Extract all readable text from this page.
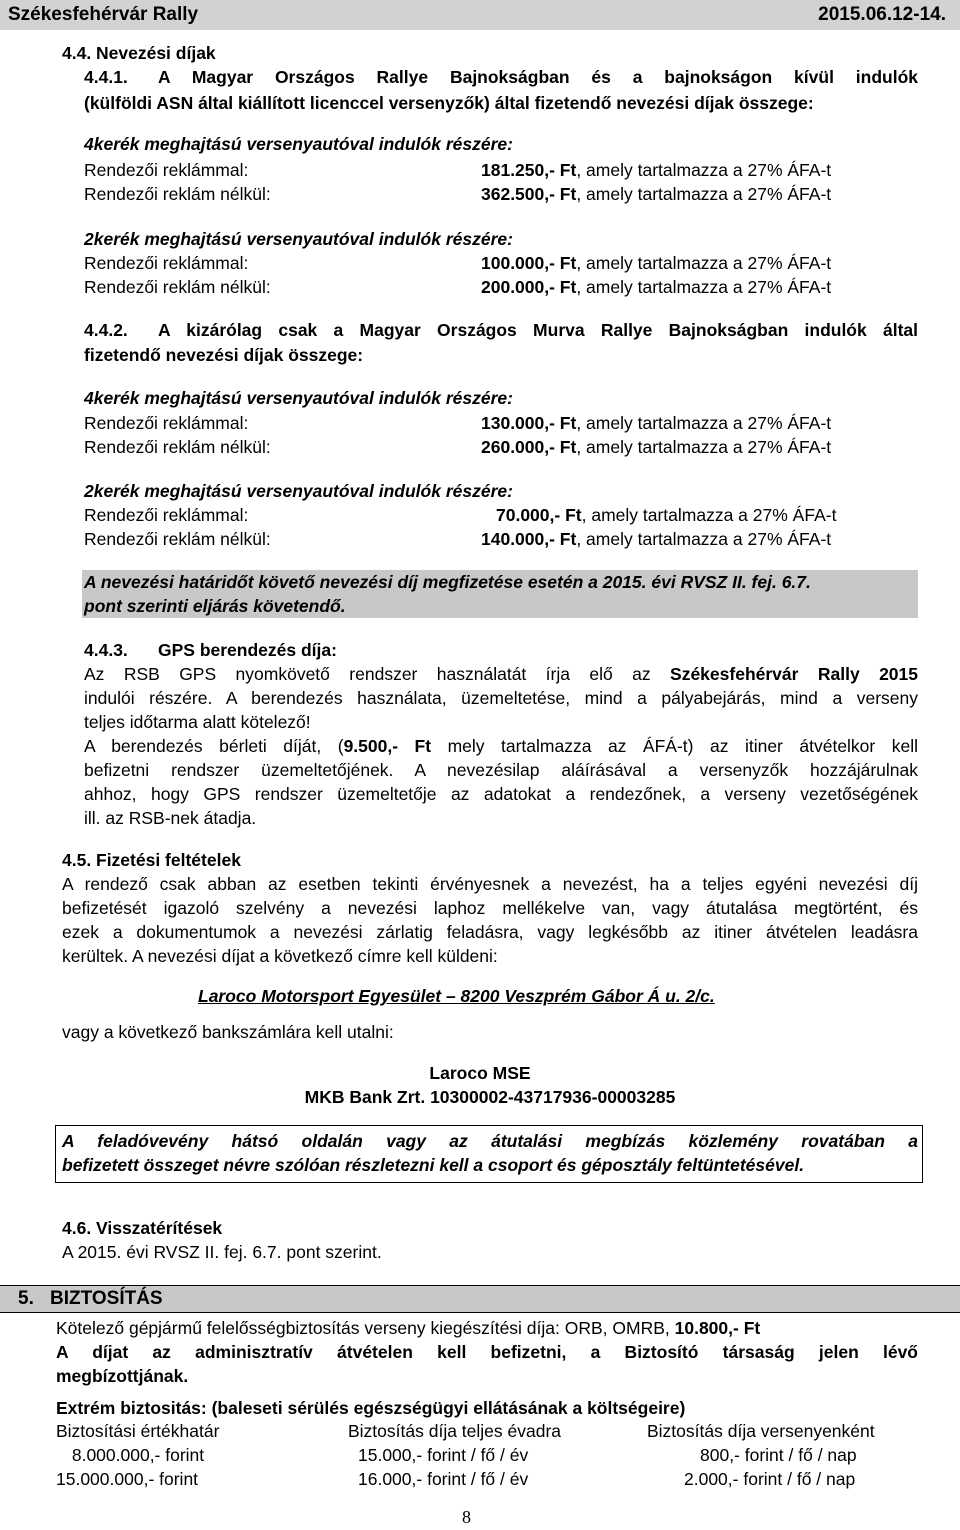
Székesfehérvár Rally	2015.06.12-14.
4.4. Nevezési díjak
4.4.1. A Magyar Országos Rallye Bajnokságban és a bajnokságon kívül indulók
(külföldi ASN által kiállított licenccel versenyzők) által fizetendő nevezési díjak összege:
4kerék meghajtású versenyautóval indulók részére:
Rendezői reklámmal:	181.250,- Ft, amely tartalmazza a 27% ÁFA-t
Rendezői reklám nélkül:	362.500,- Ft, amely tartalmazza a 27% ÁFA-t
2kerék meghajtású versenyautóval indulók részére:
Rendezői reklámmal:	100.000,- Ft, amely tartalmazza a 27% ÁFA-t
Rendezői reklám nélkül:	200.000,- Ft, amely tartalmazza a 27% ÁFA-t
4.4.2. A kizárólag csak a Magyar Országos Murva Rallye Bajnokságban indulók által
fizetendő nevezési díjak összege:
4kerék meghajtású versenyautóval indulók részére:
Rendezői reklámmal:	130.000,- Ft, amely tartalmazza a 27% ÁFA-t
Rendezői reklám nélkül:	260.000,- Ft, amely tartalmazza a 27% ÁFA-t
2kerék meghajtású versenyautóval indulók részére:
Rendezői reklámmal:	70.000,- Ft, amely tartalmazza a 27% ÁFA-t
Rendezői reklám nélkül:	140.000,- Ft, amely tartalmazza a 27% ÁFA-t
A nevezési határidőt követő nevezési díj megfizetése esetén a 2015. évi RVSZ II. fej. 6.7.
pont szerinti eljárás követendő.
4.4.3. GPS berendezés díja:
Az RSB GPS nyomkövető rendszer használatát írja elő az Székesfehérvár Rally 2015
indulói részére. A berendezés használata, üzemeltetése, mind a pályabejárás, mind a verseny
teljes időtarma alatt kötelező!
A berendezés bérleti díját, (9.500,- Ft mely tartalmazza az ÁFÁ-t) az itiner átvételkor kell
befizetni rendszer üzemeltetőjének. A nevezésilap aláírásával a versenyzők hozzájárulnak
ahhoz, hogy GPS rendszer üzemeltetője az adatokat a rendezőnek, a verseny vezetőségének
ill. az RSB-nek átadja.
4.5. Fizetési feltételek
A rendező csak abban az esetben tekinti érvényesnek a nevezést, ha a teljes egyéni nevezési díj
befizetését igazoló szelvény a nevezési laphoz mellékelve van, vagy átutalása megtörtént, és
ezek a dokumentumok a nevezési zárlatig feladásra, vagy legkésőbb az itiner átvételen leadásra
kerültek. A nevezési díjat a következő címre kell küldeni:
Laroco Motorsport Egyesület – 8200 Veszprém Gábor Á u. 2/c.
vagy a következő bankszámlára kell utalni:
Laroco MSE
MKB Bank Zrt. 10300002-43717936-00003285
A feladóvevény hátsó oldalán vagy az átutalási megbízás közlemény rovatában a
befizetett összeget névre szólóan részletezni kell a csoport és géposztály feltüntetésével.
4.6. Visszatérítések
A 2015. évi RVSZ II. fej. 6.7. pont szerint.
5. BIZTOSÍTÁS
Kötelező gépjármű felelősségbiztosítás verseny kiegészítési díja: ORB, OMRB, 10.800,- Ft
A díjat az adminisztratív átvételen kell befizetni, a Biztosító társaság jelen lévő
megbízottjának.
Extrém biztositás: (baleseti sérülés egészségügyi ellátásának a költségeire)
Biztosítási értékhatár	Biztosítás díja teljes évadra	Biztosítás díja versenyenként
8.000.000,- forint	15.000,- forint / fő / év	800,- forint / fő / nap
15.000.000,- forint	16.000,- forint / fő / év	2.000,- forint / fő / nap
8
